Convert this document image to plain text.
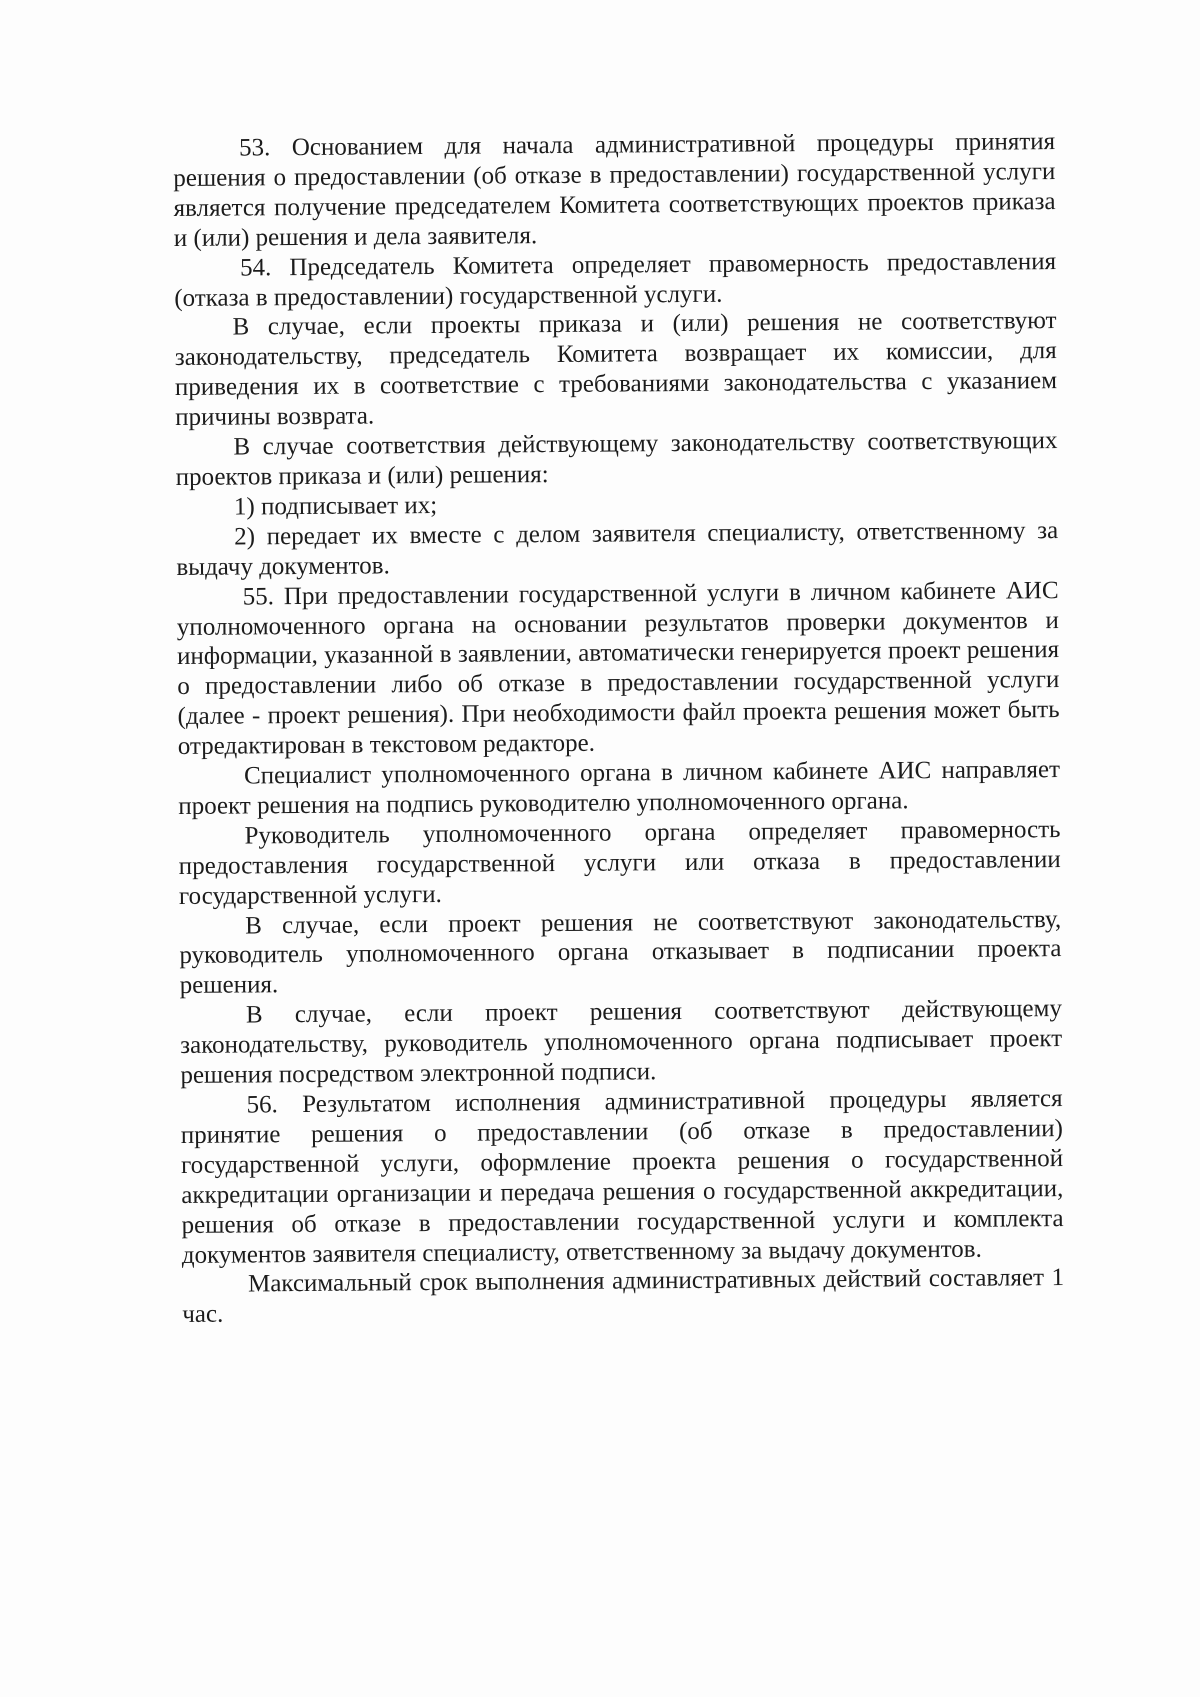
53. Основанием для начала административной процедуры принятия решения о предоставлении (об отказе в предоставлении) государственной услуги является получение председателем Комитета соответствующих проектов приказа и (или) решения и дела заявителя.

54. Председатель Комитета определяет правомерность предоставления (отказа в предоставлении) государственной услуги.

В случае, если проекты приказа и (или) решения не соответствуют законодательству, председатель Комитета возвращает их комиссии, для приведения их в соответствие с требованиями законодательства с указанием причины возврата.

В случае соответствия действующему законодательству соответствующих проектов приказа и (или) решения:

1) подписывает их;

2) передает их вместе с делом заявителя специалисту, ответственному за выдачу документов.

55. При предоставлении государственной услуги в личном кабинете АИС уполномоченного органа на основании результатов проверки документов и информации, указанной в заявлении, автоматически генерируется проект решения о предоставлении либо об отказе в предоставлении государственной услуги (далее - проект решения). При необходимости файл проекта решения может быть отредактирован в текстовом редакторе.

Специалист уполномоченного органа в личном кабинете АИС направляет проект решения на подпись руководителю уполномоченного органа.

Руководитель уполномоченного органа определяет правомерность предоставления государственной услуги или отказа в предоставлении государственной услуги.

В случае, если проект решения не соответствуют законодательству, руководитель уполномоченного органа отказывает в подписании проекта решения.

В случае, если проект решения соответствуют действующему законодательству, руководитель уполномоченного органа подписывает проект решения посредством электронной подписи.

56. Результатом исполнения административной процедуры является принятие решения о предоставлении (об отказе в предоставлении) государственной услуги, оформление проекта решения о государственной аккредитации организации и передача решения о государственной аккредитации, решения об отказе в предоставлении государственной услуги и комплекта документов заявителя специалисту, ответственному за выдачу документов.

Максимальный срок выполнения административных действий составляет 1 час.
